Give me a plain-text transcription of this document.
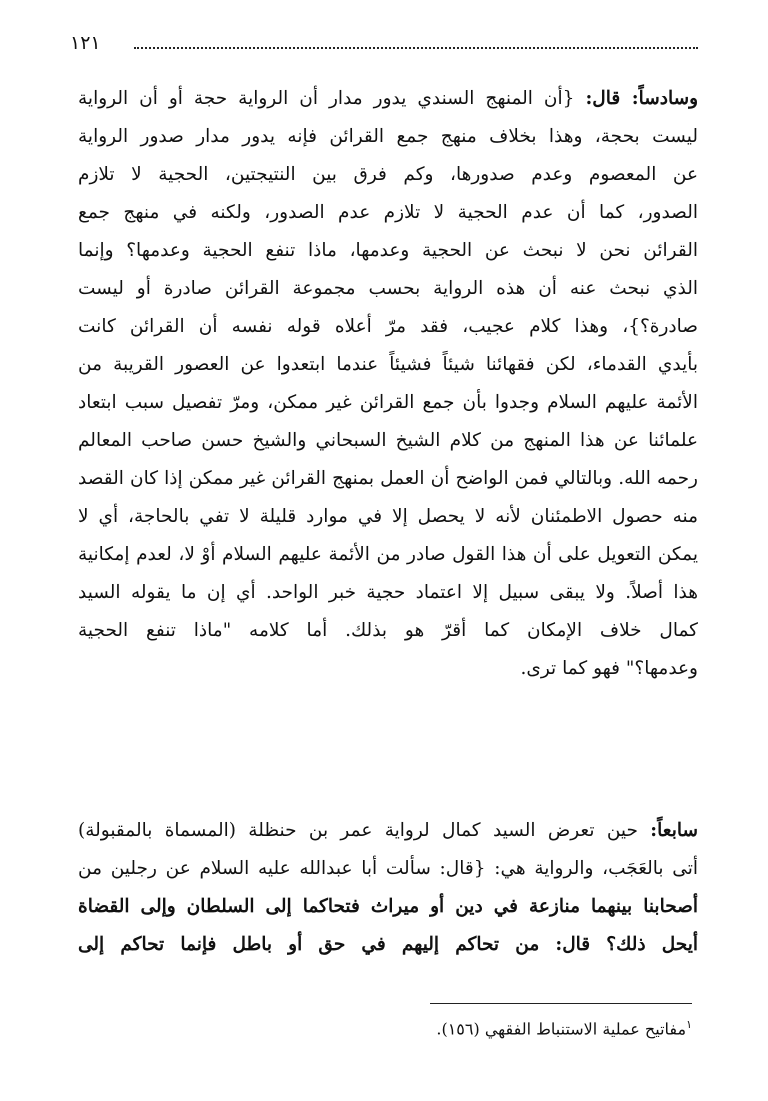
١٢١
وسادساً: قال: {أن المنهج السندي يدور مدار أن الرواية حجة أو أن الرواية
ليست بحجة، وهذا بخلاف منهج جمع القرائن فإنه يدور مدار صدور الرواية
عن المعصوم وعدم صدورها، وكم فرق بين النتيجتين، الحجية لا تلازم
الصدور، كما أن عدم الحجية لا تلازم عدم الصدور، ولكنه في منهج جمع
القرائن نحن لا نبحث عن الحجية وعدمها، ماذا تنفع الحجية وعدمها؟ وإنما
الذي نبحث عنه أن هذه الرواية بحسب مجموعة القرائن صادرة أو ليست
صادرة؟}، وهذا كلام عجيب، فقد مرّ أعلاه قوله نفسه أن القرائن كانت
بأيدي القدماء، لكن فقهائنا شيئاً فشيئاً عندما ابتعدوا عن العصور القريبة من
الأئمة عليهم السلام وجدوا بأن جمع القرائن غير ممكن، ومرّ تفصيل سبب ابتعاد
علمائنا عن هذا المنهج من كلام الشيخ السبحاني والشيخ حسن صاحب المعالم
رحمه الله. وبالتالي فمن الواضح أن العمل بمنهج القرائن غير ممكن إذا كان القصد
منه حصول الاطمئنان لأنه لا يحصل إلا في موارد قليلة لا تفي بالحاجة، أي لا
يمكن التعويل على أن هذا القول صادر من الأئمة عليهم السلام أوْ لا، لعدم إمكانية
هذا أصلاً. ولا يبقى سبيل إلا اعتماد حجية خبر الواحد. أي إن ما يقوله السيد
كمال خلاف الإمكان كما أقرّ هو بذلك. أما كلامه "ماذا تنفع الحجية
وعدمها؟" فهو كما ترى.
سابعاً: حين تعرض السيد كمال لرواية عمر بن حنظلة (المسماة بالمقبولة)
أتى بالعَجَب، والرواية هي: {قال: سألت أبا عبدالله عليه السلام عن رجلين من
أصحابنا بينهما منازعة في دين أو ميراث فتحاكما إلى السلطان وإلى القضاة
أيحل ذلك؟ قال: من تحاكم إليهم في حق أو باطل فإنما تحاكم إلى
$^١$مفاتيح عملية الاستنباط الفقهي (١٥٦).
